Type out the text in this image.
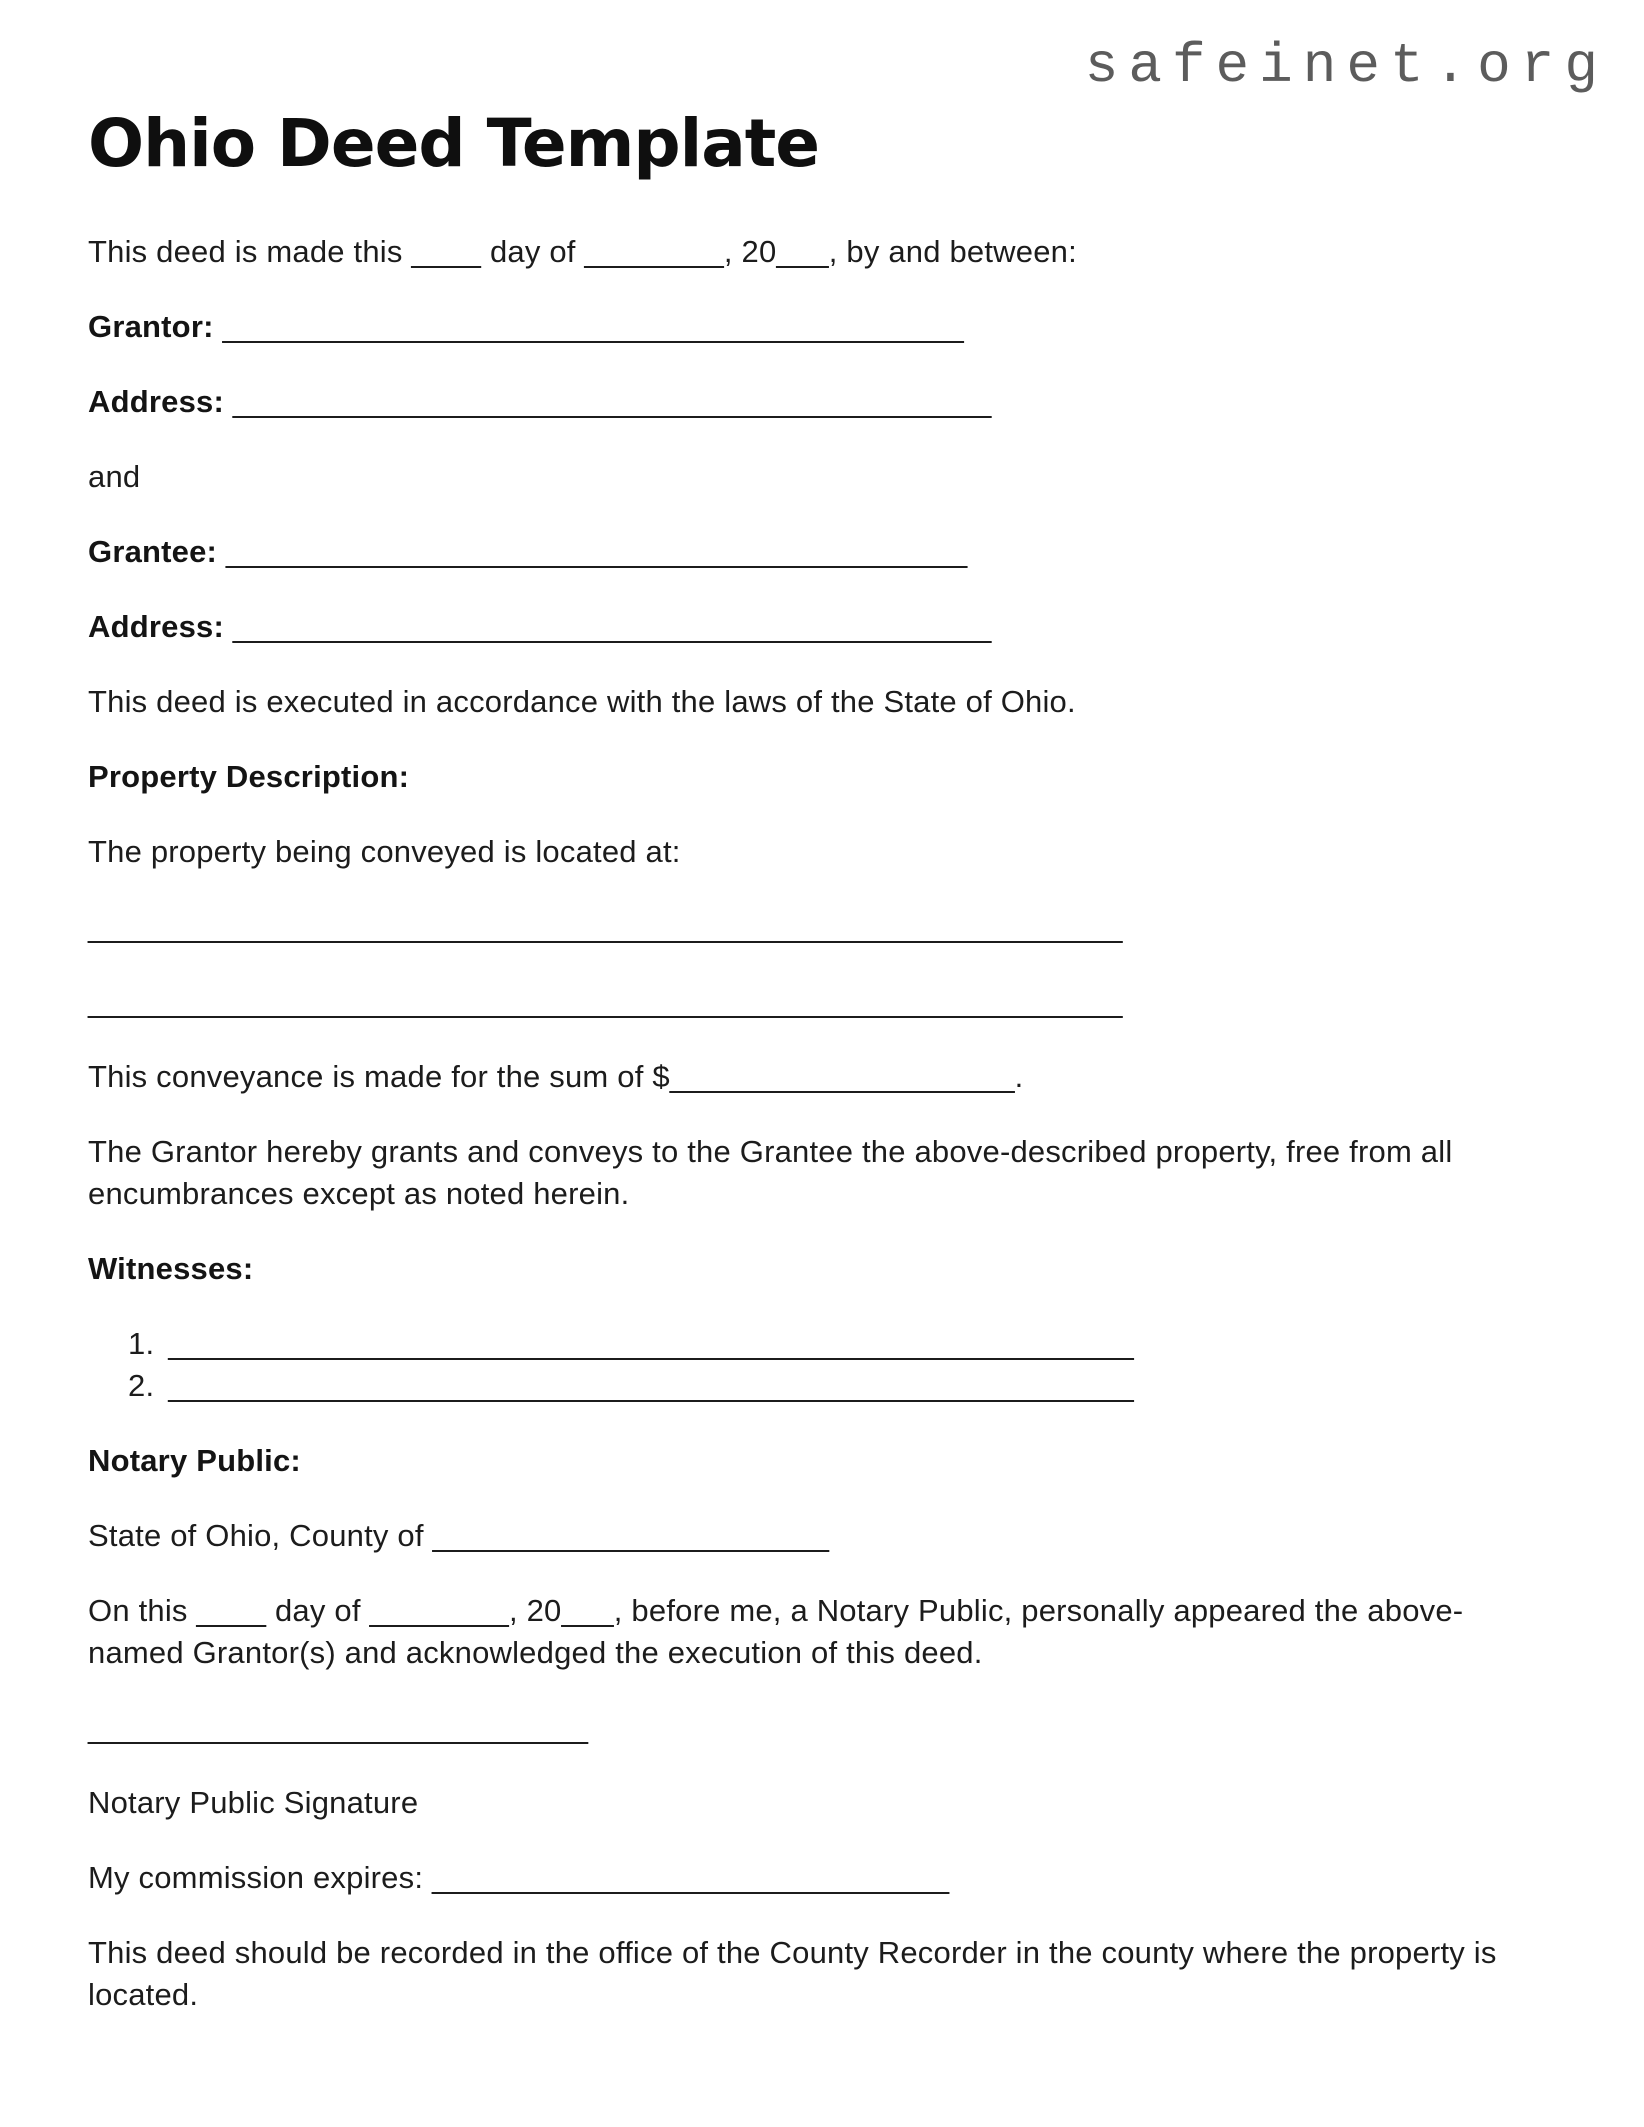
safeinet.org
Ohio Deed Template

This deed is made this ____ day of ________, 20___, by and between:

Grantor: ___________________________________________

Address: ____________________________________________

and

Grantee: ___________________________________________

Address: ____________________________________________

This deed is executed in accordance with the laws of the State of Ohio.

Property Description:

The property being conveyed is located at:

____________________________________________________________

____________________________________________________________

This conveyance is made for the sum of $____________________.

The Grantor hereby grants and conveys to the Grantee the above-described property, free from all encumbrances except as noted herein.

Witnesses:

1. ________________________________________________________
2. ________________________________________________________

Notary Public:

State of Ohio, County of _______________________

On this ____ day of ________, 20___, before me, a Notary Public, personally appeared the above-named Grantor(s) and acknowledged the execution of this deed.

_____________________________

Notary Public Signature

My commission expires: ______________________________

This deed should be recorded in the office of the County Recorder in the county where the property is located.
